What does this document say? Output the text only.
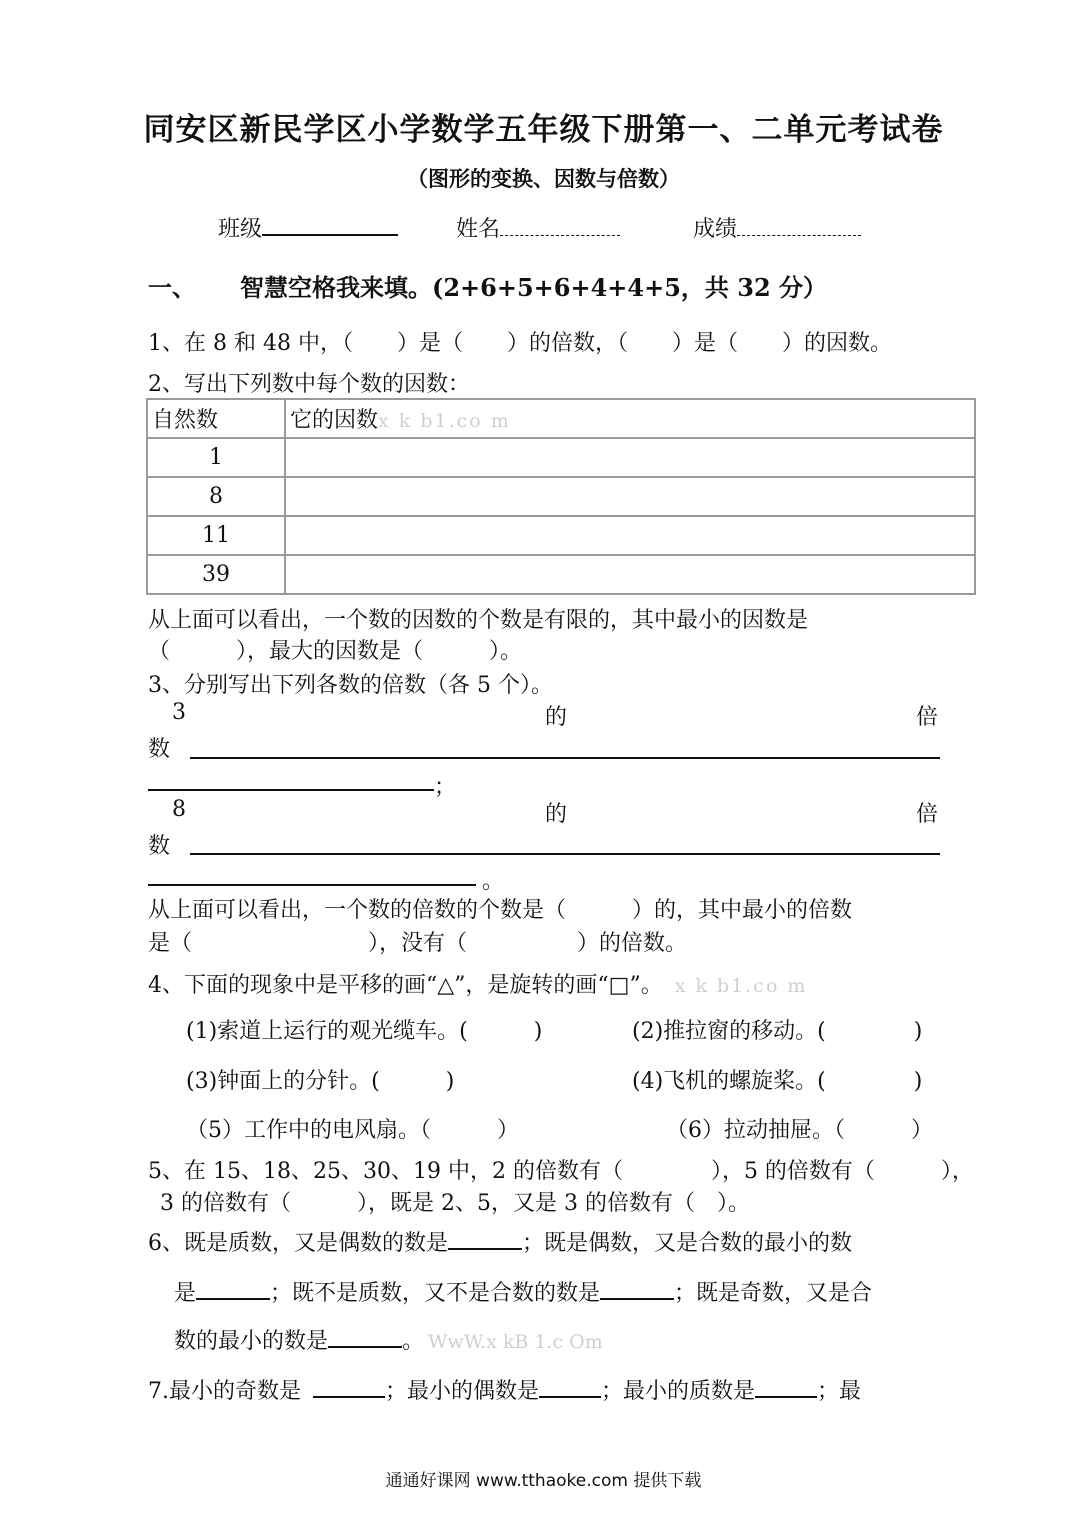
同安区新民学区小学数学五年级下册第一、二单元考试卷
（图形的变换、因数与倍数）
班级	姓名	成绩
一、 智慧空格我来填。(2+6+5+6+4+4+5，共 32 分）
1、在 8 和 48 中，（　　）是（　　）的倍数，（　　）是（　　）的因数。
2、写出下列数中每个数的因数：
自然数	它的因数x k b1.co m
1	
8	
11	
39	
从上面可以看出，一个数的因数的个数是有限的，其中最小的因数是
（　　　），最大的因数是（　　　）。
3、分别写出下列各数的倍数（各 5 个）。
3	的	倍
数
；
8	的	倍
数
。
从上面可以看出，一个数的倍数的个数是（　　　）的，其中最小的倍数
是（　　　　　　　　），没有（　　　　　）的倍数。
4、下面的现象中是平移的画“△”，是旋转的画“□”。 x k b1.co m
(1)索道上运行的观光缆车。(　　　)	(2)推拉窗的移动。(　　　　)
(3)钟面上的分针。(　　　)	(4)飞机的螺旋桨。(　　　　)
（5）工作中的电风扇。（　　　）	（6）拉动抽屉。（　　　）
5、在 15、18、25、30、19 中，2 的倍数有（　　　　），5 的倍数有（　　　），
3 的倍数有（　　　），既是 2、5，又是 3 的倍数有（　）。
6、既是质数，又是偶数的数是	；既是偶数，又是合数的最小的数
是	；既不是质数，又不是合数的数是	；既是奇数，又是合
数的最小的数是	。 WwW.x kB 1.c Om
7.最小的奇数是	；最小的偶数是	；最小的质数是	；最
通通好课网 www.tthaoke.com 提供下载
